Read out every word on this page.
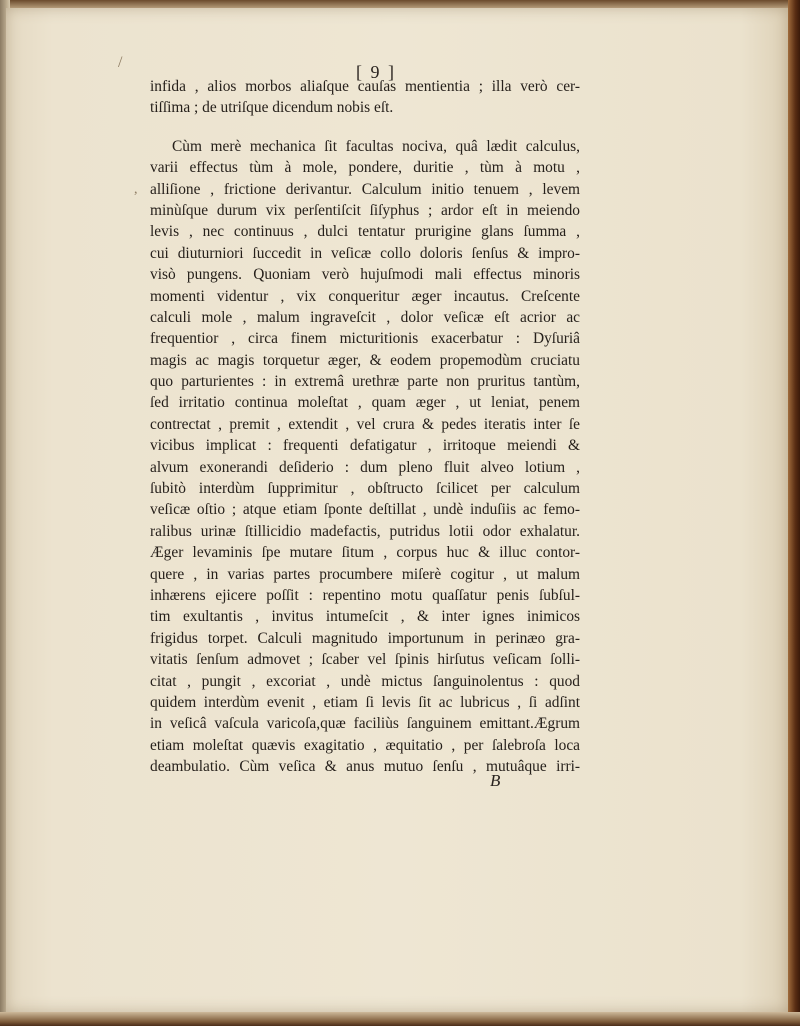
/
,
[ 9 ]
infida , alios morbos aliaſque cauſas mentientia ; illa verò cer-
tiſſima ; de utriſque dicendum nobis eſt.
Cùm merè mechanica ſit facultas nociva, quâ lædit calculus,
varii effectus tùm à mole, pondere, duritie , tùm à motu ,
alliſione , frictione derivantur. Calculum initio tenuem , levem
minùſque durum vix perſentiſcit ſiſyphus ; ardor eſt in meiendo
levis , nec continuus , dulci tentatur prurigine glans ſumma ,
cui diuturniori ſuccedit in veſicæ collo doloris ſenſus & impro-
visò pungens. Quoniam verò hujuſmodi mali effectus minoris
momenti videntur , vix conqueritur æger incautus. Creſcente
calculi mole , malum ingraveſcit , dolor veſicæ eſt acrior ac
frequentior , circa finem micturitionis exacerbatur : Dyſuriâ
magis ac magis torquetur æger, & eodem propemodùm cruciatu
quo parturientes : in extremâ urethræ parte non pruritus tantùm,
ſed irritatio continua moleſtat , quam æger , ut leniat, penem
contrectat , premit , extendit , vel crura & pedes iteratis inter ſe
vicibus implicat : frequenti defatigatur , irritoque meiendi &
alvum exonerandi deſiderio : dum pleno fluit alveo lotium ,
ſubitò interdùm ſupprimitur , obſtructo ſcilicet per calculum
veſicæ oſtio ; atque etiam ſponte deſtillat , undè induſiis ac femo-
ralibus urinæ ſtillicidio madefactis, putridus lotii odor exhalatur.
Æger levaminis ſpe mutare ſitum , corpus huc & illuc contor-
quere , in varias partes procumbere miſerè cogitur , ut malum
inhærens ejicere poſſit : repentino motu quaſſatur penis ſubſul-
tim exultantis , invitus intumeſcit , & inter ignes inimicos
frigidus torpet. Calculi magnitudo importunum in perinæo gra-
vitatis ſenſum admovet ; ſcaber vel ſpinis hirſutus veſicam ſolli-
citat , pungit , excoriat , undè mictus ſanguinolentus : quod
quidem interdùm evenit , etiam ſi levis ſit ac lubricus , ſi adſint
in veſicâ vaſcula varicoſa,quæ faciliùs ſanguinem emittant.Ægrum
etiam moleſtat quævis exagitatio , æquitatio , per ſalebroſa loca
deambulatio. Cùm veſica & anus mutuo ſenſu , mutuâque irri-
B
